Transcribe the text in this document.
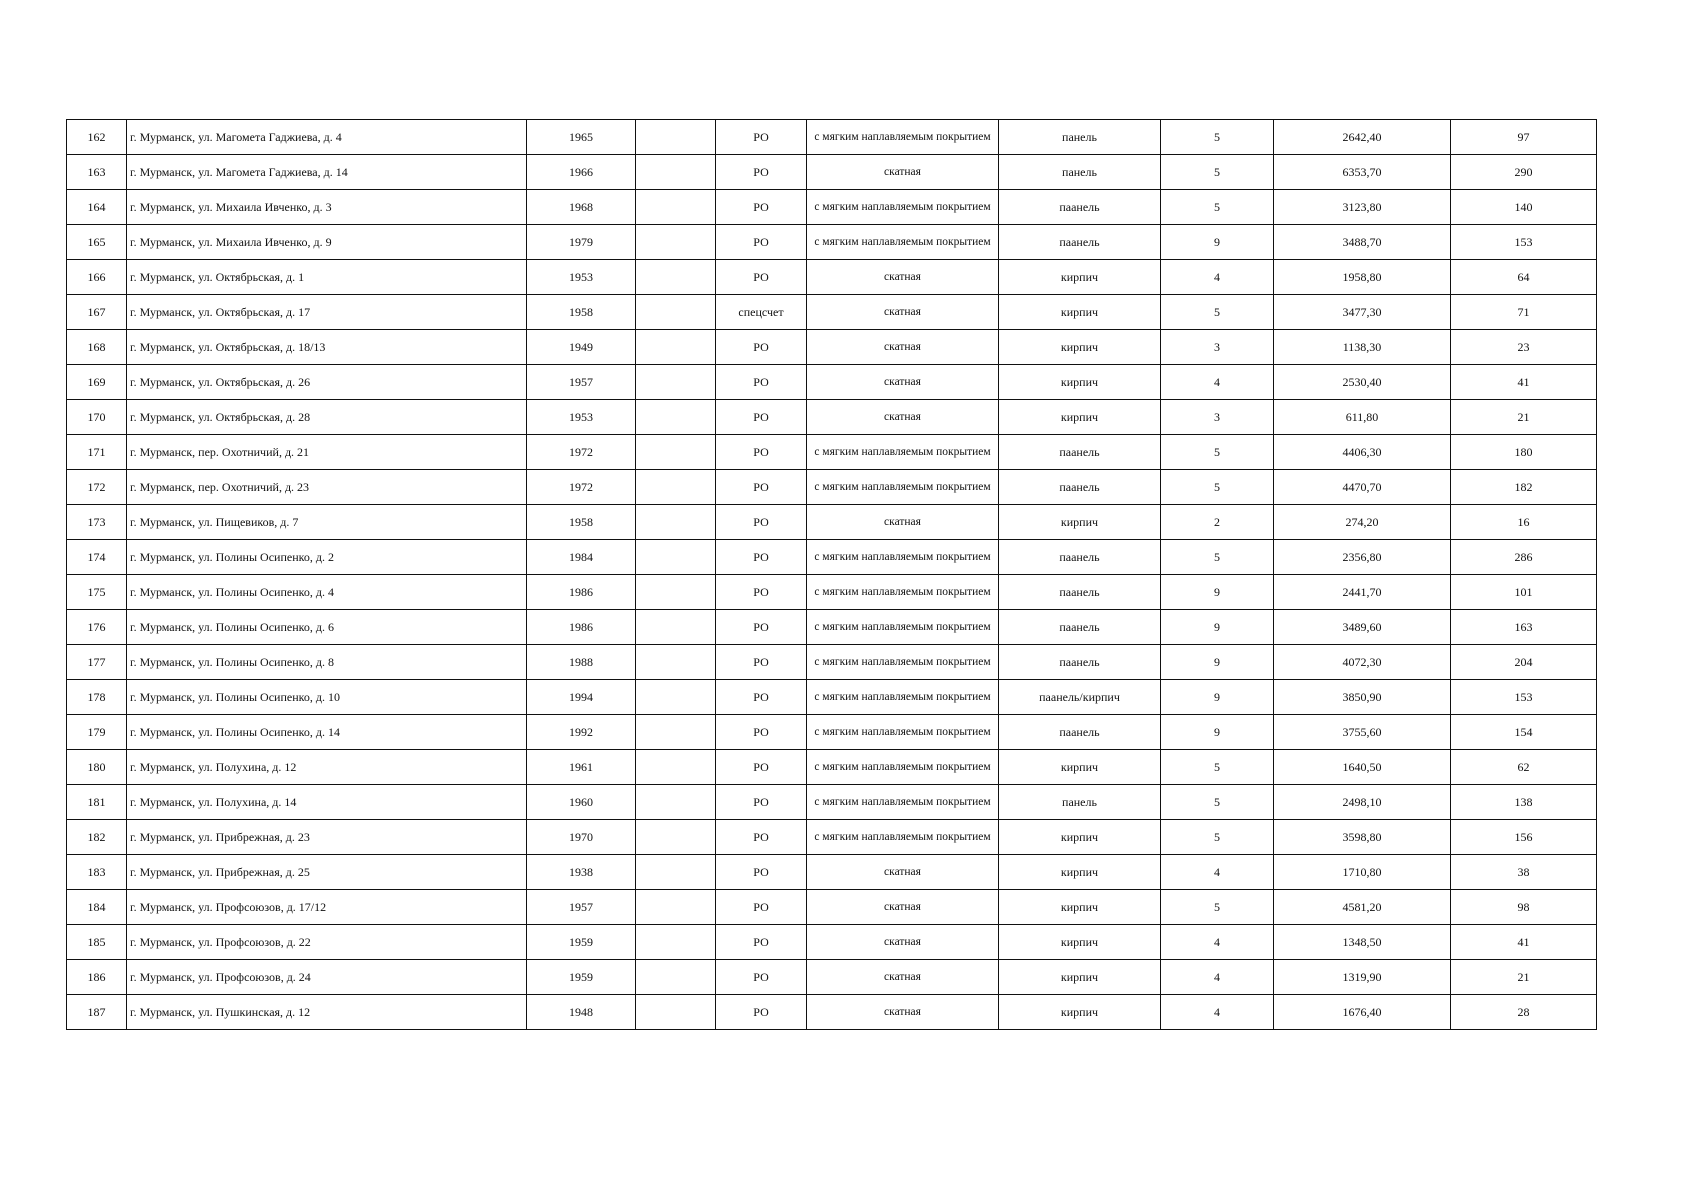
162	г. Мурманск, ул. Магомета Гаджиева, д. 4	1965		РО	с мягким наплавляемым покрытием	панель	5	2642,40	97
163	г. Мурманск, ул. Магомета Гаджиева, д. 14	1966		РО	скатная	панель	5	6353,70	290
164	г. Мурманск, ул. Михаила Ивченко, д. 3	1968		РО	с мягким наплавляемым покрытием	паанель	5	3123,80	140
165	г. Мурманск, ул. Михаила Ивченко, д. 9	1979		РО	с мягким наплавляемым покрытием	паанель	9	3488,70	153
166	г. Мурманск, ул. Октябрьская, д. 1	1953		РО	скатная	кирпич	4	1958,80	64
167	г. Мурманск, ул. Октябрьская, д. 17	1958		спецсчет	скатная	кирпич	5	3477,30	71
168	г. Мурманск, ул. Октябрьская, д. 18/13	1949		РО	скатная	кирпич	3	1138,30	23
169	г. Мурманск, ул. Октябрьская, д. 26	1957		РО	скатная	кирпич	4	2530,40	41
170	г. Мурманск, ул. Октябрьская, д. 28	1953		РО	скатная	кирпич	3	611,80	21
171	г. Мурманск, пер. Охотничий, д. 21	1972		РО	с мягким наплавляемым покрытием	паанель	5	4406,30	180
172	г. Мурманск, пер. Охотничий, д. 23	1972		РО	с мягким наплавляемым покрытием	паанель	5	4470,70	182
173	г. Мурманск, ул. Пищевиков, д. 7	1958		РО	скатная	кирпич	2	274,20	16
174	г. Мурманск, ул. Полины Осипенко, д. 2	1984		РО	с мягким наплавляемым покрытием	паанель	5	2356,80	286
175	г. Мурманск, ул. Полины Осипенко, д. 4	1986		РО	с мягким наплавляемым покрытием	паанель	9	2441,70	101
176	г. Мурманск, ул. Полины Осипенко, д. 6	1986		РО	с мягким наплавляемым покрытием	паанель	9	3489,60	163
177	г. Мурманск, ул. Полины Осипенко, д. 8	1988		РО	с мягким наплавляемым покрытием	паанель	9	4072,30	204
178	г. Мурманск, ул. Полины Осипенко, д. 10	1994		РО	с мягким наплавляемым покрытием	паанель/кирпич	9	3850,90	153
179	г. Мурманск, ул. Полины Осипенко, д. 14	1992		РО	с мягким наплавляемым покрытием	паанель	9	3755,60	154
180	г. Мурманск, ул. Полухина, д. 12	1961		РО	с мягким наплавляемым покрытием	кирпич	5	1640,50	62
181	г. Мурманск, ул. Полухина, д. 14	1960		РО	с мягким наплавляемым покрытием	панель	5	2498,10	138
182	г. Мурманск, ул. Прибрежная, д. 23	1970		РО	с мягким наплавляемым покрытием	кирпич	5	3598,80	156
183	г. Мурманск, ул. Прибрежная, д. 25	1938		РО	скатная	кирпич	4	1710,80	38
184	г. Мурманск, ул. Профсоюзов, д. 17/12	1957		РО	скатная	кирпич	5	4581,20	98
185	г. Мурманск, ул. Профсоюзов, д. 22	1959		РО	скатная	кирпич	4	1348,50	41
186	г. Мурманск, ул. Профсоюзов, д. 24	1959		РО	скатная	кирпич	4	1319,90	21
187	г. Мурманск, ул. Пушкинская, д. 12	1948		РО	скатная	кирпич	4	1676,40	28
